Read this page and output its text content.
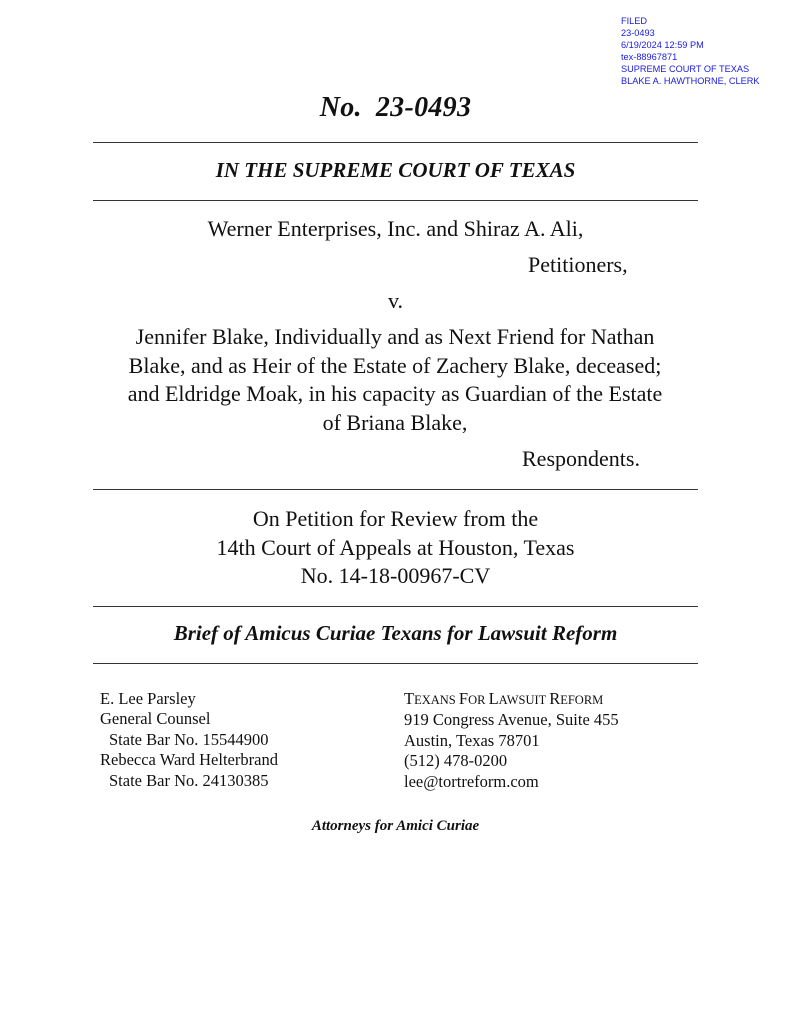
FILED
23-0493
6/19/2024 12:59 PM
tex-88967871
SUPREME COURT OF TEXAS
BLAKE A. HAWTHORNE, CLERK
No. 23-0493
IN THE SUPREME COURT OF TEXAS
Werner Enterprises, Inc. and Shiraz A. Ali,
Petitioners,
v.
Jennifer Blake, Individually and as Next Friend for Nathan
Blake, and as Heir of the Estate of Zachery Blake, deceased;
and Eldridge Moak, in his capacity as Guardian of the Estate
of Briana Blake,
Respondents.
On Petition for Review from the
14th Court of Appeals at Houston, Texas
No. 14-18-00967-CV
Brief of Amicus Curiae Texans for Lawsuit Reform
E. Lee Parsley
General Counsel
State Bar No. 15544900
Rebecca Ward Helterbrand
State Bar No. 24130385
TEXANS FOR LAWSUIT REFORM
919 Congress Avenue, Suite 455
Austin, Texas 78701
(512) 478-0200
lee@tortreform.com
Attorneys for Amici Curiae
